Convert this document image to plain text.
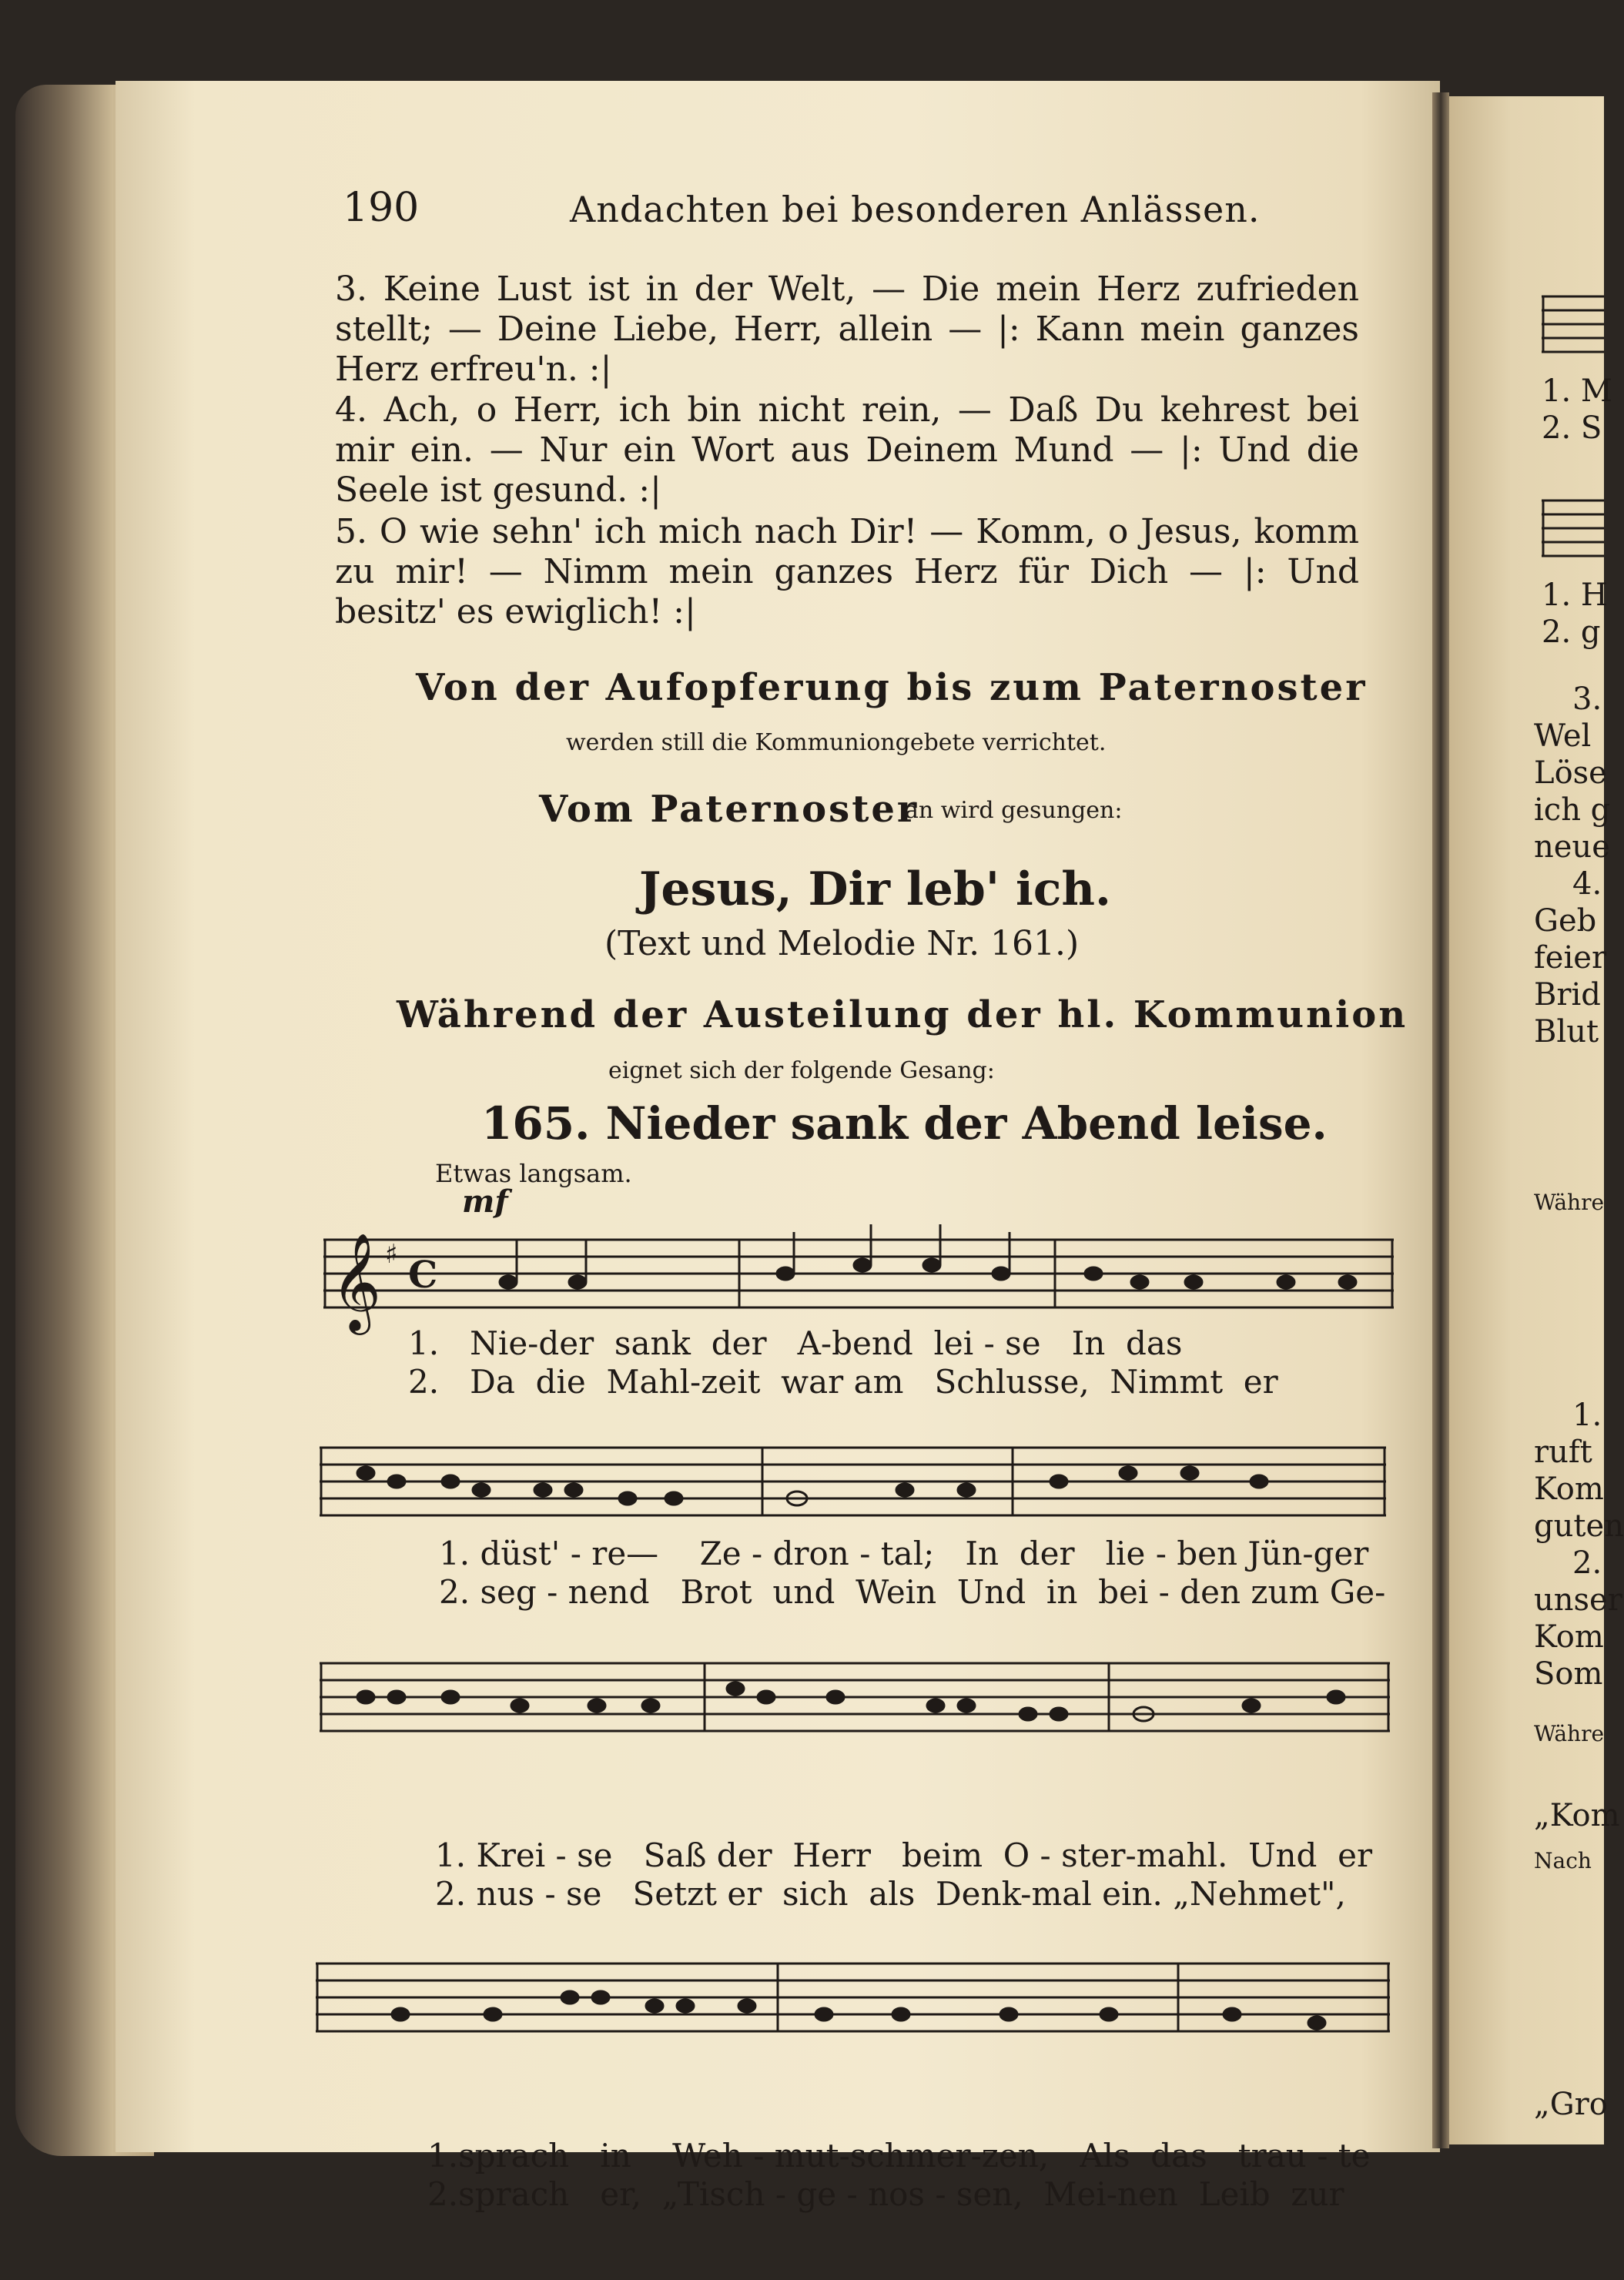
190	Andachten bei besonderen Anlässen.
3. Keine Lust ist in der Welt, — Die mein Herz zufrieden stellt; — Deine Liebe, Herr, allein — |: Kann mein ganzes Herz erfreu'n. :|
4. Ach, o Herr, ich bin nicht rein, — Daß Du kehrest bei mir ein. — Nur ein Wort aus Deinem Mund — |: Und die Seele ist gesund. :|
5. O wie sehn' ich mich nach Dir! — Komm, o Jesus, komm zu mir! — Nimm mein ganzes Herz für Dich — |: Und besitz' es ewiglich! :|
Von der Aufopferung bis zum Paternoster
werden still die Kommuniongebete verrichtet.
Vom Paternoster
an wird gesungen:
Jesus, Dir leb' ich.
(Text und Melodie Nr. 161.)
Während der Austeilung der hl. Kommunion
eignet sich der folgende Gesang:
165. Nieder sank der Abend leise.
Etwas langsam.
mf
𝄞 ♯ C
1. Nie-der sank der A-bend lei - se In das
2. Da die Mahl-zeit war am Schlusse, Nimmt er
1. düst' - re— Ze - dron - tal; In der lie - ben Jün-ger
2. seg - nend Brot und Wein Und in bei - den zum Ge-
1. Krei - se Saß der Herr beim O - ster-mahl. Und er
2. nus - se Setzt er sich als Denk-mal ein. „Nehmet",
1.sprach in Weh - mut-schmer-zen, Als das trau - te
2.sprach er, „Tisch - ge - nos - sen, Mei-nen Leib zur
1. M
2. S
1. H
2. g
3.
Wel
Löse
ich g
neue
4.
Geb
feier
Brid
Blut
Währe
1.
ruft
Kom
guten
2.
unser
Kom
Som
Währe
„Kom
Nach
„Gro
